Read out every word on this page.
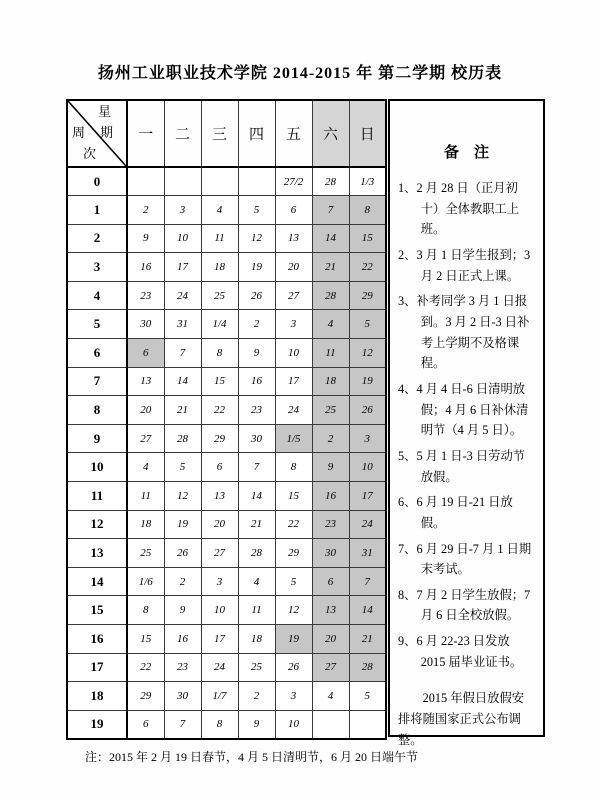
扬州工业职业技术学院 2014-2015 年 第二学期 校历表
星
期
周
次	一	二	三	四	五	六	日
0					27/2	28	1/3
1	2	3	4	5	6	7	8
2	9	10	11	12	13	14	15
3	16	17	18	19	20	21	22
4	23	24	25	26	27	28	29
5	30	31	1/4	2	3	4	5
6	6	7	8	9	10	11	12
7	13	14	15	16	17	18	19
8	20	21	22	23	24	25	26
9	27	28	29	30	1/5	2	3
10	4	5	6	7	8	9	10
11	11	12	13	14	15	16	17
12	18	19	20	21	22	23	24
13	25	26	27	28	29	30	31
14	1/6	2	3	4	5	6	7
15	8	9	10	11	12	13	14
16	15	16	17	18	19	20	21
17	22	23	24	25	26	27	28
18	29	30	1/7	2	3	4	5
19	6	7	8	9	10		
备　注

1、2 月 28 日（正月初十）全体教职工上班。

2、3 月 1 日学生报到；3 月 2 日正式上课。

3、补考同学 3 月 1 日报到。3 月 2 日-3 日补考上学期不及格课程。

4、4 月 4 日-6 日清明放假；4 月 6 日补休清明节（4 月 5 日）。

5、5 月 1 日-3 日劳动节放假。

6、6 月 19 日-21 日放假。

7、6 月 29 日-7 月 1 日期末考试。

8、7 月 2 日学生放假；7 月 6 日全校放假。

9、6 月 22-23 日发放 2015 届毕业证书。

2015 年假日放假安排将随国家正式公布调整。

注：2015 年 2 月 19 日春节，4 月 5 日清明节，6 月 20 日端午节
